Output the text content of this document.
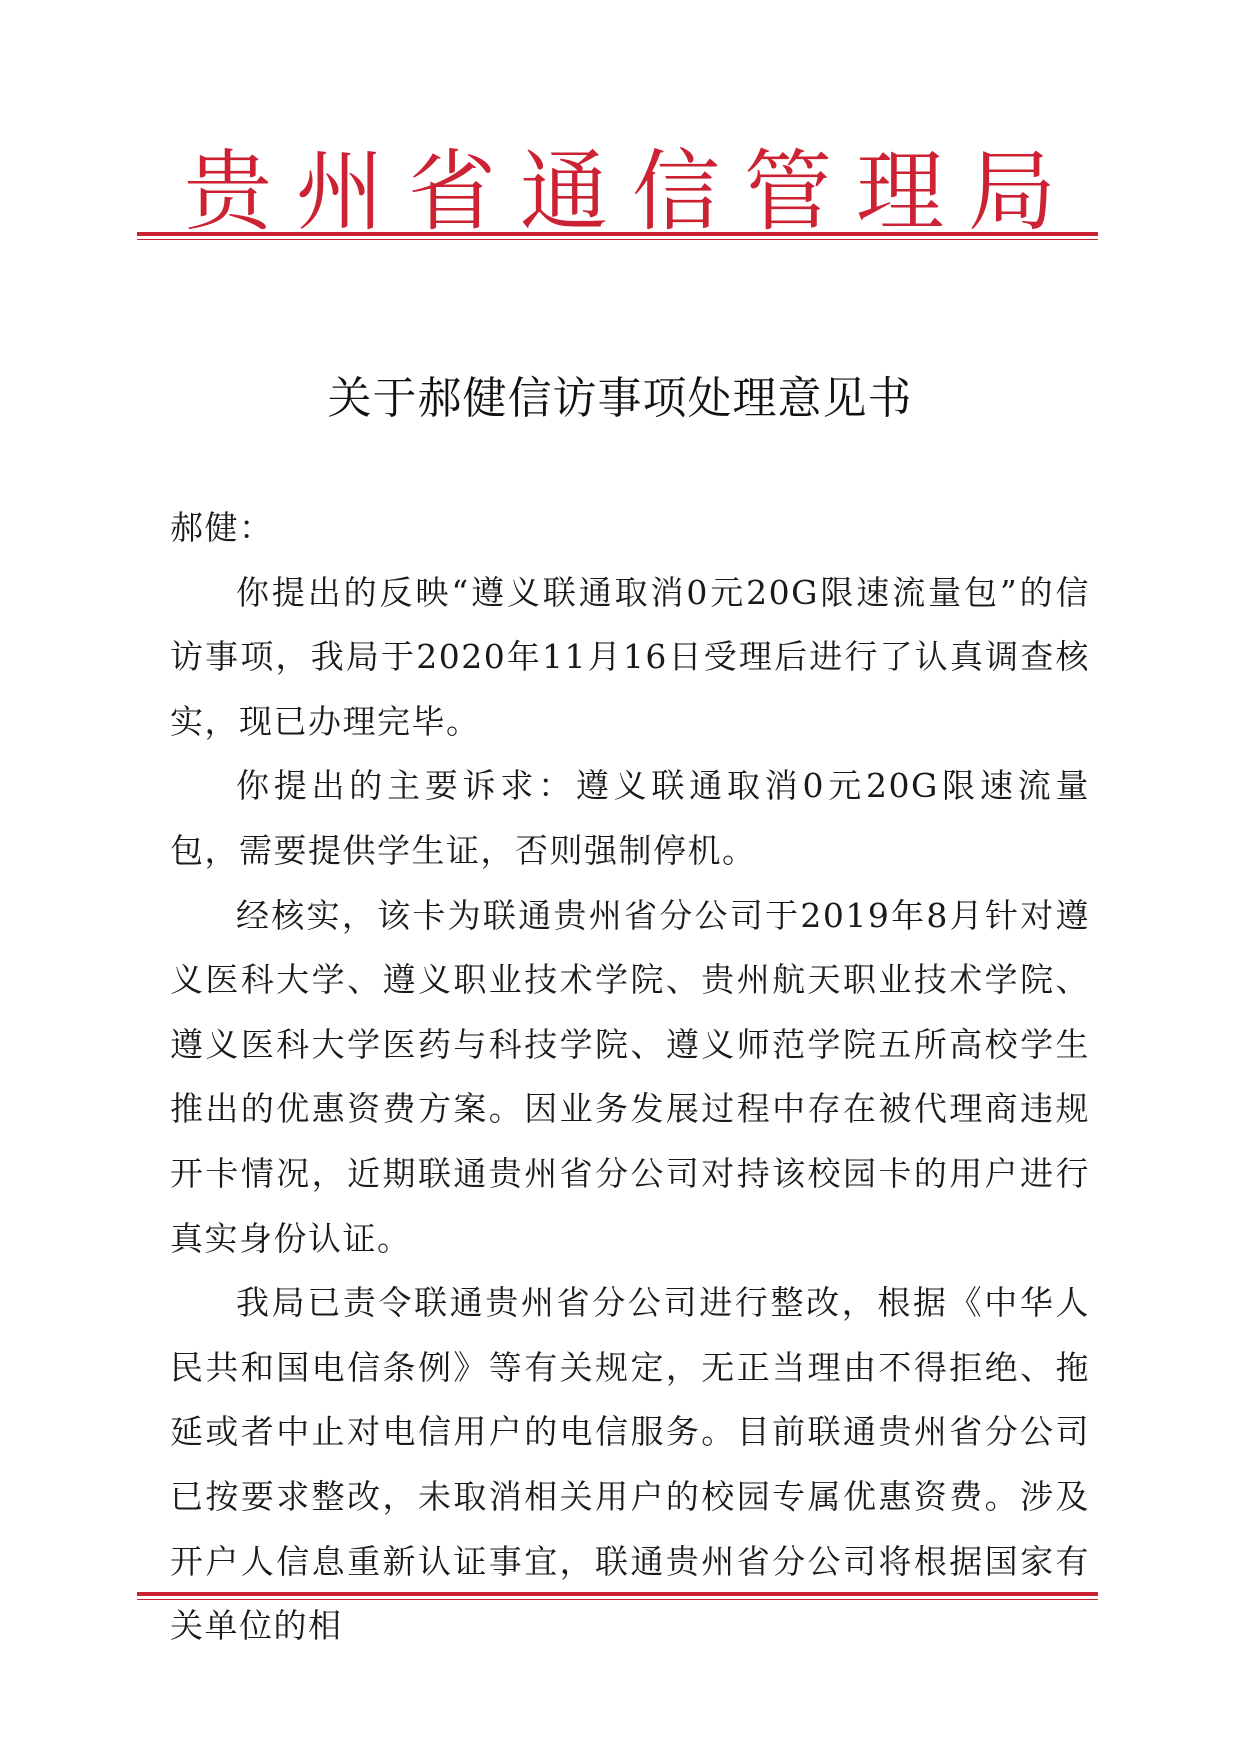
贵州省通信管理局
关于郝健信访事项处理意见书

郝健：

你提出的反映“遵义联通取消0元20G限速流量包”的信访事项，我局于2020年11月16日受理后进行了认真调查核实，现已办理完毕。

你提出的主要诉求：遵义联通取消0元20G限速流量包，需要提供学生证，否则强制停机。

经核实，该卡为联通贵州省分公司于2019年8月针对遵义医科大学、遵义职业技术学院、贵州航天职业技术学院、遵义医科大学医药与科技学院、遵义师范学院五所高校学生推出的优惠资费方案。因业务发展过程中存在被代理商违规开卡情况，近期联通贵州省分公司对持该校园卡的用户进行真实身份认证。

我局已责令联通贵州省分公司进行整改，根据《中华人民共和国电信条例》等有关规定，无正当理由不得拒绝、拖延或者中止对电信用户的电信服务。目前联通贵州省分公司已按要求整改，未取消相关用户的校园专属优惠资费。涉及开户人信息重新认证事宜，联通贵州省分公司将根据国家有关单位的相
